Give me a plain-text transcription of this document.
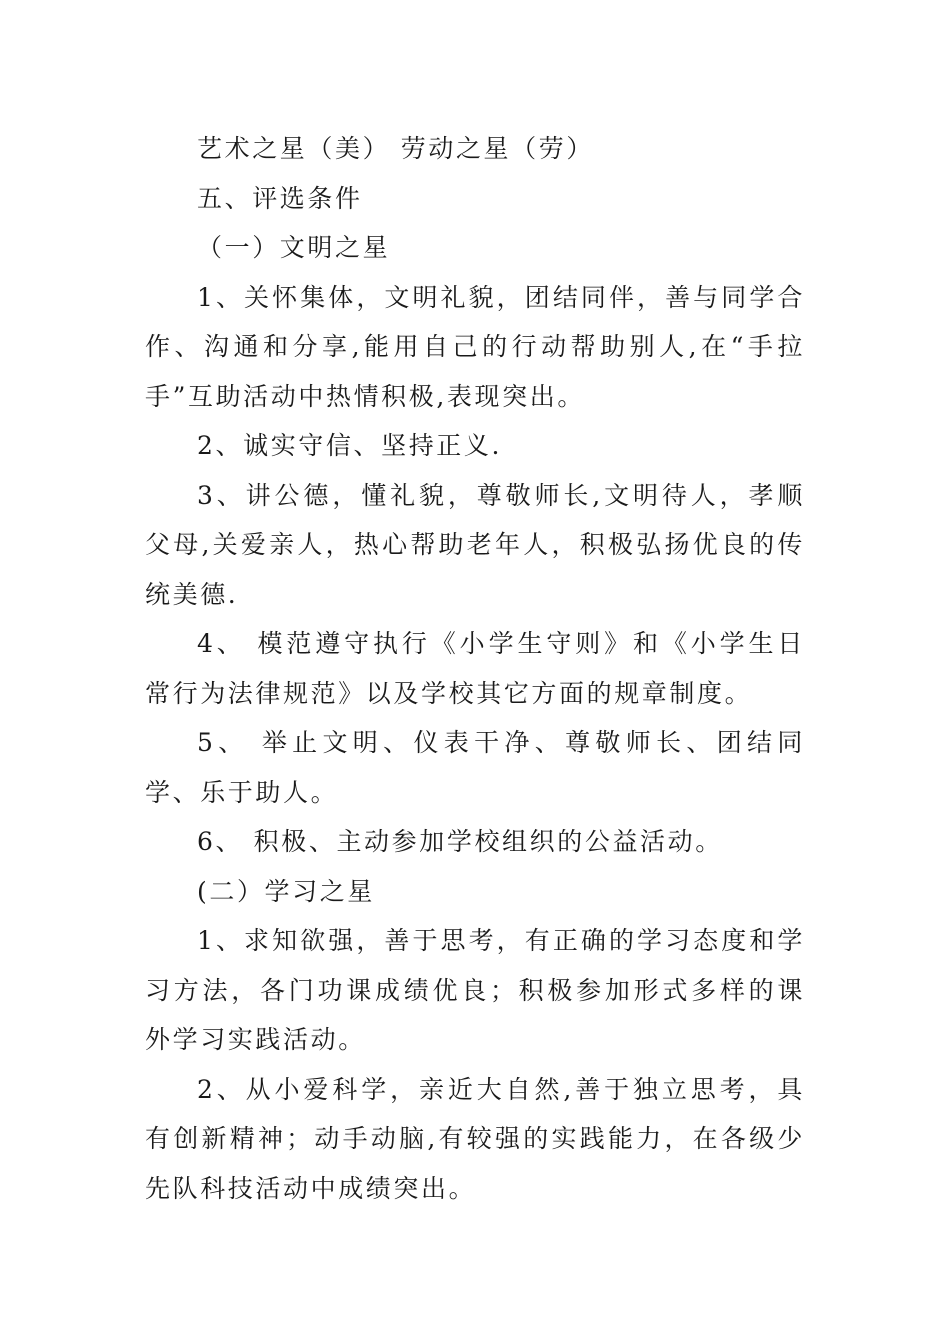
艺术之星（美） 劳动之星（劳）

五、评选条件

（一）文明之星

1、关怀集体，文明礼貌，团结同伴，善与同学合作、沟通和分享,能用自己的行动帮助别人,在“手拉手”互助活动中热情积极,表现突出。

2、诚实守信、坚持正义.

3、讲公德，懂礼貌，尊敬师长,文明待人，孝顺父母,关爱亲人，热心帮助老年人，积极弘扬优良的传统美德.

4、 模范遵守执行《小学生守则》和《小学生日常行为法律规范》以及学校其它方面的规章制度。

5、 举止文明、仪表干净、尊敬师长、团结同学、乐于助人。

6、 积极、主动参加学校组织的公益活动。

(二）学习之星

1、求知欲强，善于思考，有正确的学习态度和学习方法，各门功课成绩优良；积极参加形式多样的课外学习实践活动。

2、从小爱科学，亲近大自然,善于独立思考，具有创新精神；动手动脑,有较强的实践能力，在各级少先队科技活动中成绩突出。
